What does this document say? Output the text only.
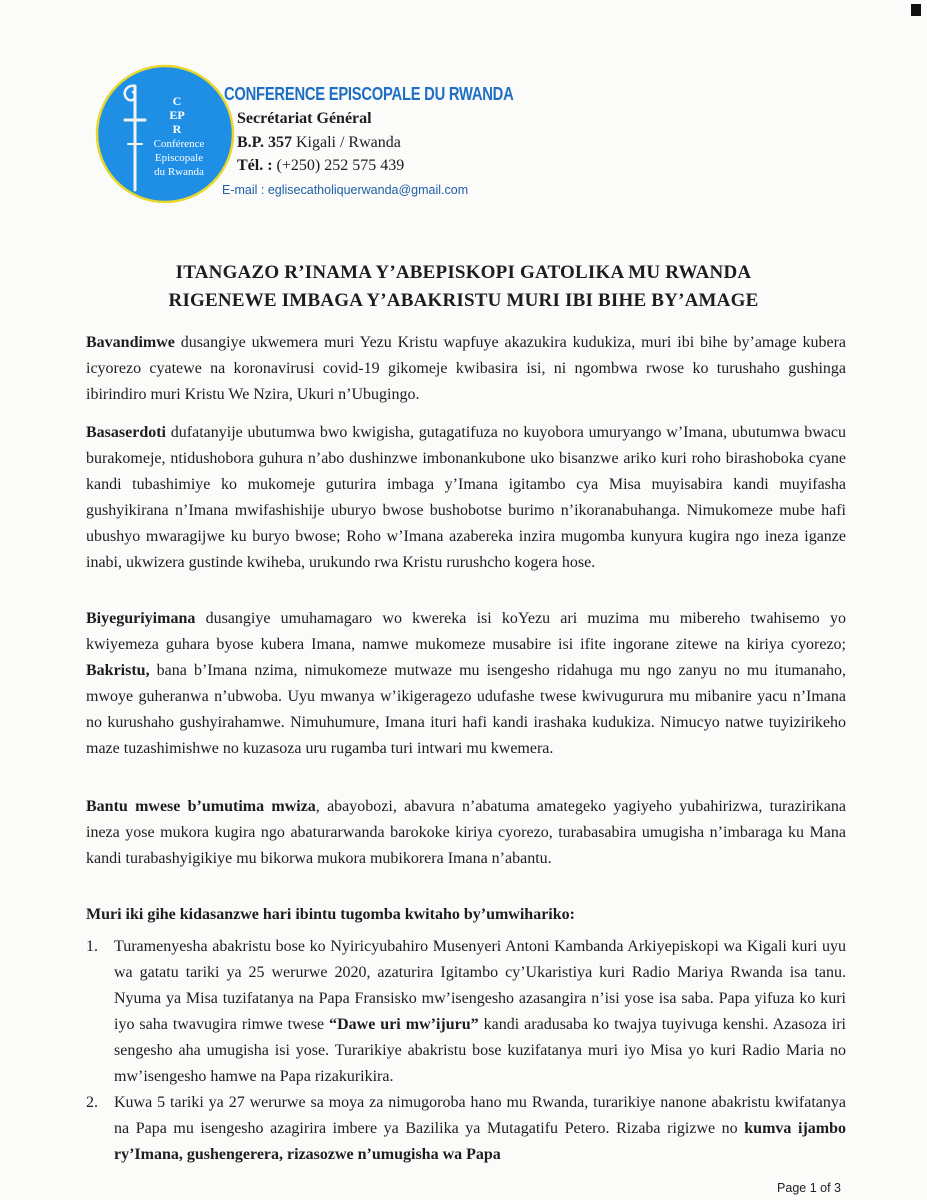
C
EP
R
Conférence
Episcopale
du Rwanda
CONFERENCE EPISCOPALE DU RWANDA
Secrétariat Général
B.P. 357 Kigali / Rwanda
Tél. : (+250) 252 575 439
E-mail : eglisecatholiquerwanda@gmail.com
ITANGAZO R’INAMA Y’ABEPISKOPI GATOLIKA MU RWANDA
RIGENEWE IMBAGA Y’ABAKRISTU MURI IBI BIHE BY’AMAGE

Bavandimwe dusangiye ukwemera muri Yezu Kristu wapfuye akazukira kudukiza, muri ibi bihe by’amage kubera icyorezo cyatewe na koronavirusi covid-19 gikomeje kwibasira isi, ni ngombwa rwose ko turushaho gushinga ibirindiro muri Kristu We Nzira, Ukuri n’Ubugingo.

Basaserdoti dufatanyije ubutumwa bwo kwigisha, gutagatifuza no kuyobora umuryango w’Imana, ubutumwa bwacu burakomeje, ntidushobora guhura n’abo dushinzwe imbonankubone uko bisanzwe ariko kuri roho birashoboka cyane kandi tubashimiye ko mukomeje guturira imbaga y’Imana igitambo cya Misa muyisabira kandi muyifasha gushyikirana n’Imana mwifashishije uburyo bwose bushobotse burimo n’ikoranabuhanga. Nimukomeze mube hafi ubushyo mwaragijwe ku buryo bwose; Roho w’Imana azabereka inzira mugomba kunyura kugira ngo ineza iganze inabi, ukwizera gustinde kwiheba, urukundo rwa Kristu rurushcho kogera hose.

Biyeguriyimana dusangiye umuhamagaro wo kwereka isi koYezu ari muzima mu mibereho twahisemo yo kwiyemeza guhara byose kubera Imana, namwe mukomeze musabire isi ifite ingorane zitewe na kiriya cyorezo; Bakristu, bana b’Imana nzima, nimukomeze mutwaze mu isengesho ridahuga mu ngo zanyu no mu itumanaho, mwoye guheranwa n’ubwoba. Uyu mwanya w’ikigeragezo udufashe twese kwivugurura mu mibanire yacu n’Imana no kurushaho gushyirahamwe. Nimuhumure, Imana ituri hafi kandi irashaka kudukiza. Nimucyo natwe tuyizirikeho maze tuzashimishwe no kuzasoza uru rugamba turi intwari mu kwemera.

Bantu mwese b’umutima mwiza, abayobozi, abavura n’abatuma amategeko yagiyeho yubahirizwa, turazirikana ineza yose mukora kugira ngo abaturarwanda barokoke kiriya cyorezo, turabasabira umugisha n’imbaraga ku Mana kandi turabashyigikiye mu bikorwa mukora mubikorera Imana n’abantu.

Muri iki gihe kidasanzwe hari ibintu tugomba kwitaho by’umwihariko:
1. Turamenyesha abakristu bose ko Nyiricyubahiro Musenyeri Antoni Kambanda Arkiyepiskopi wa Kigali kuri uyu wa gatatu tariki ya 25 werurwe 2020, azaturira Igitambo cy’Ukaristiya kuri Radio Mariya Rwanda isa tanu. Nyuma ya Misa tuzifatanya na Papa Fransisko mw’isengesho azasangira n’isi yose isa saba. Papa yifuza ko kuri iyo saha twavugira rimwe twese “Dawe uri mw’ijuru” kandi aradusaba ko twajya tuyivuga kenshi. Azasoza iri sengesho aha umugisha isi yose. Turarikiye abakristu bose kuzifatanya muri iyo Misa yo kuri Radio Maria no mw’isengesho hamwe na Papa rizakurikira.
2. Kuwa 5 tariki ya 27 werurwe sa moya za nimugoroba hano mu Rwanda, turarikiye nanone abakristu kwifatanya na Papa mu isengesho azagirira imbere ya Bazilika ya Mutagatifu Petero. Rizaba rigizwe no kumva ijambo ry’Imana, gushengerera, rizasozwe n’umugisha wa Papa
Page 1 of 3
